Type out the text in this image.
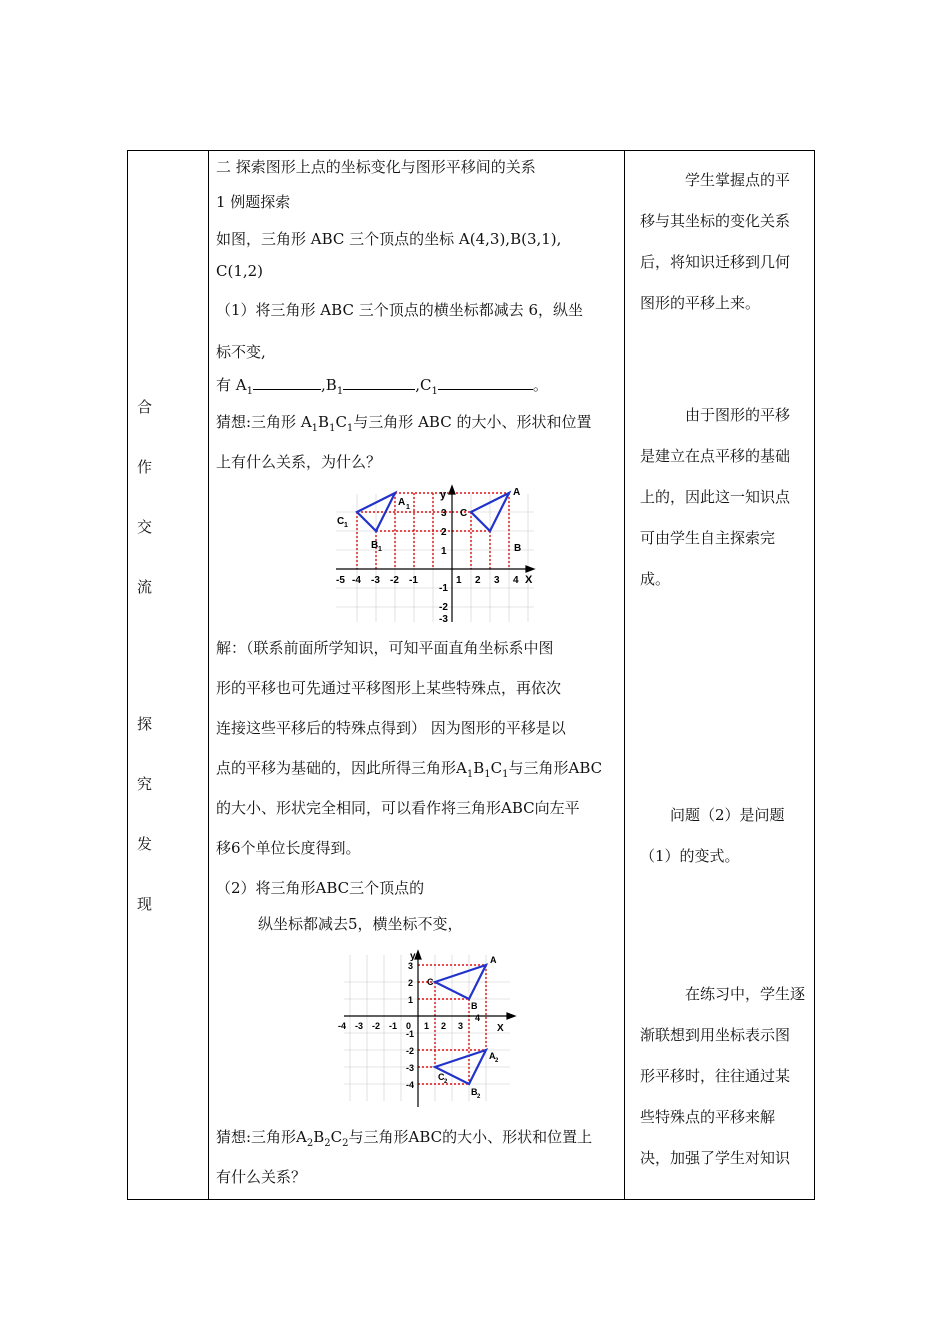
合
作
交
流
探
究
发
现
二 探索图形上点的坐标变化与图形平移间的关系
1 例题探索
如图，三角形 ABC 三个顶点的坐标 A(4,3),B(3,1),
C(1,2)
（1）将三角形 ABC 三个顶点的横坐标都减去 6，纵坐
标不变,
有 $A_1$	$,B_1$	$,C_1$	。
猜想:三角形 $A_1B_1C_1$与三角形 ABC 的大小、形状和位置
上有什么关系，为什么？
-5 -4 -3 -2 -1	1 2 3 4 X
1
2
3
-1
-2
-3
y	A
B
C
A 1
B 1
C 1
解：（联系前面所学知识，可知平面直角坐标系中图
形的平移也可先通过平移图形上某些特殊点，再依次
连接这些平移后的特殊点得到） 因为图形的平移是以
点的平移为基础的，因此所得三角形$A_1B_1C_1$与三角形ABC
的大小、形状完全相同，可以看作将三角形ABC向左平
移6个单位长度得到。
（2）将三角形ABC三个顶点的
纵坐标都减去5，横坐标不变，
-4 -3 -2 -1 0 1 2 3
4
X
1
2
3
-1
-2
-3
-4
y	A
B
C
A 2
B 2
C 2
猜想:三角形$A_2B_2C_2$与三角形ABC的大小、形状和位置上
有什么关系？
学生掌握点的平
移与其坐标的变化关系
后，将知识迁移到几何
图形的平移上来。
由于图形的平移
是建立在点平移的基础
上的，因此这一知识点
可由学生自主探索完
成。
问题（2）是问题
（1）的变式。
在练习中，学生逐
渐联想到用坐标表示图
形平移时，往往通过某
些特殊点的平移来解
决，加强了学生对知识
